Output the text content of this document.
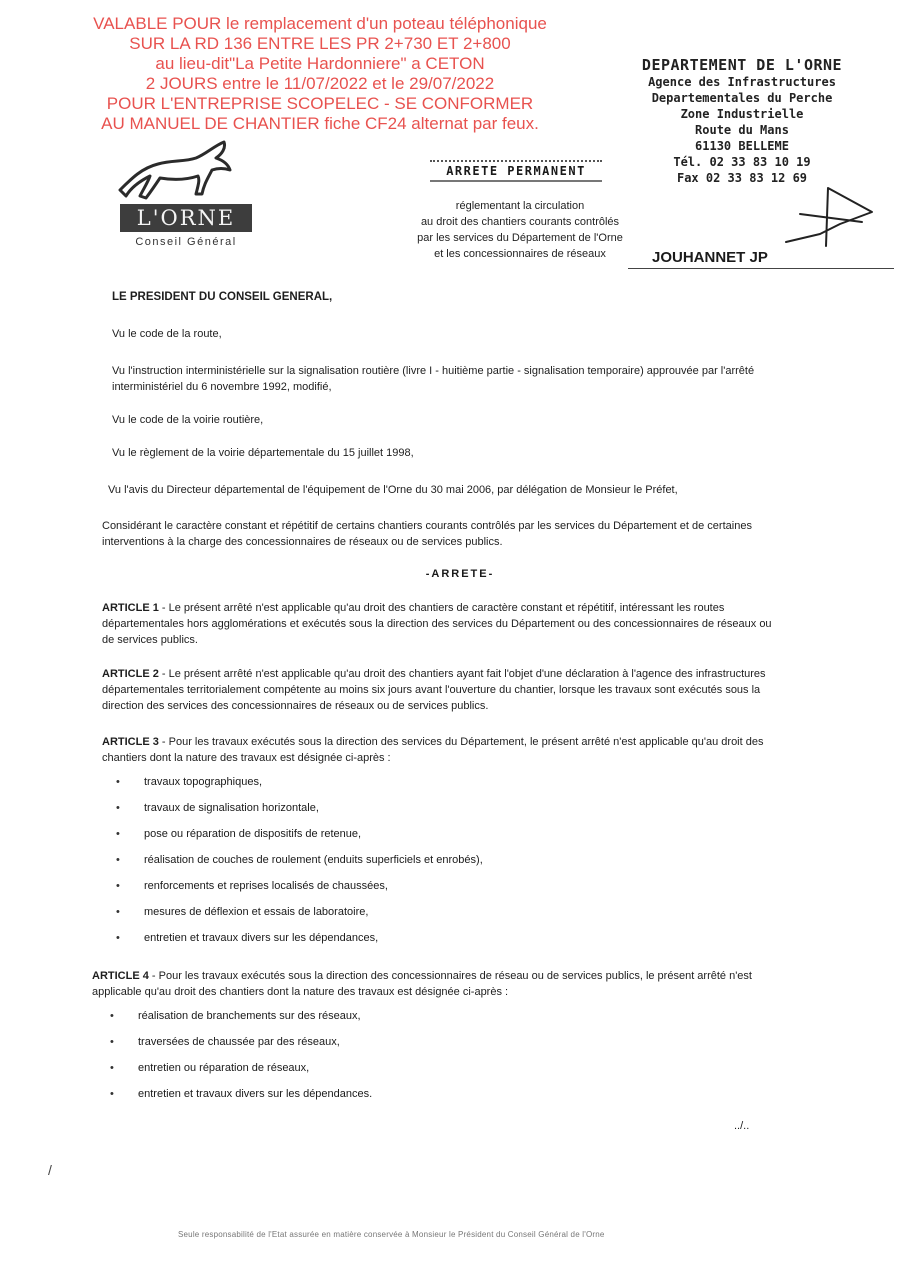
VALABLE POUR le remplacement d'un poteau téléphonique
SUR LA RD 136 ENTRE LES PR 2+730 ET 2+800
au lieu-dit"La Petite Hardonniere" a CETON
2 JOURS entre le 11/07/2022 et le 29/07/2022
POUR L'ENTREPRISE SCOPELEC - SE CONFORMER
AU MANUEL DE CHANTIER fiche CF24 alternat par feux.
DEPARTEMENT DE L'ORNE
Agence des Infrastructures
Departementales du Perche
Zone Industrielle
Route du Mans
61130 BELLEME
Tél. 02 33 83 10 19
Fax 02 33 83 12 69
L'ORNE
Conseil Général
ARRETE PERMANENT
réglementant la circulation
au droit des chantiers courants contrôlés
par les services du Département de l'Orne
et les concessionnaires de réseaux	JOUHANNET JP
LE PRESIDENT DU CONSEIL GENERAL,
Vu le code de la route,
Vu l'instruction interministérielle sur la signalisation routière (livre I - huitième partie - signalisation temporaire) approuvée par l'arrêté interministériel du 6 novembre 1992, modifié,
Vu le code de la voirie routière,
Vu le règlement de la voirie départementale du 15 juillet 1998,
Vu l'avis du Directeur départemental de l'équipement de l'Orne du 30 mai 2006, par délégation de Monsieur le Préfet,
Considérant le caractère constant et répétitif de certains chantiers courants contrôlés par les services du Département et de certaines interventions à la charge des concessionnaires de réseaux ou de services publics.
-ARRETE-
ARTICLE 1 - Le présent arrêté n'est applicable qu'au droit des chantiers de caractère constant et répétitif, intéressant les routes départementales hors agglomérations et exécutés sous la direction des services du Département ou des concessionnaires de réseaux ou de services publics.
ARTICLE 2 - Le présent arrêté n'est applicable qu'au droit des chantiers ayant fait l'objet d'une déclaration à l'agence des infrastructures départementales territorialement compétente au moins six jours avant l'ouverture du chantier, lorsque les travaux sont exécutés sous la direction des services des concessionnaires de réseaux ou de services publics.
ARTICLE 3 - Pour les travaux exécutés sous la direction des services du Département, le présent arrêté n'est applicable qu'au droit des chantiers dont la nature des travaux est désignée ci-après :
• travaux topographiques,
• travaux de signalisation horizontale,
• pose ou réparation de dispositifs de retenue,
• réalisation de couches de roulement (enduits superficiels et enrobés),
• renforcements et reprises localisés de chaussées,
• mesures de déflexion et essais de laboratoire,
• entretien et travaux divers sur les dépendances,
ARTICLE 4 - Pour les travaux exécutés sous la direction des concessionnaires de réseau ou de services publics, le présent arrêté n'est applicable qu'au droit des chantiers dont la nature des travaux est désignée ci-après :
• réalisation de branchements sur des réseaux,
• traversées de chaussée par des réseaux,
• entretien ou réparation de réseaux,
• entretien et travaux divers sur les dépendances.
../..
/
Seule responsabilité de l'Etat assurée en matière conservée à Monsieur le Président du Conseil Général de l'Orne
